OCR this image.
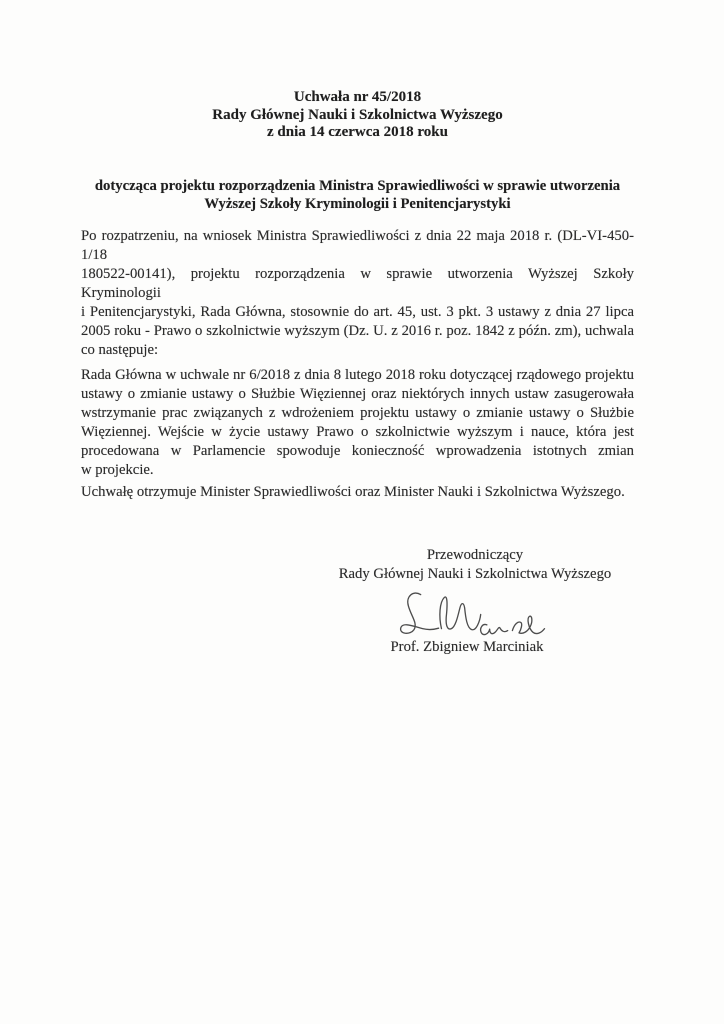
Uchwała nr 45/2018
Rady Głównej Nauki i Szkolnictwa Wyższego
z dnia 14 czerwca 2018 roku
dotycząca projektu rozporządzenia Ministra Sprawiedliwości w sprawie utworzenia
Wyższej Szkoły Kryminologii i Penitencjarystyki
Po rozpatrzeniu, na wniosek Ministra Sprawiedliwości z dnia 22 maja 2018 r. (DL-VI-450-1/18
180522-00141), projektu rozporządzenia w sprawie utworzenia Wyższej Szkoły Kryminologii
i Penitencjarystyki, Rada Główna, stosownie do art. 45, ust. 3 pkt. 3 ustawy z dnia 27 lipca
2005 roku - Prawo o szkolnictwie wyższym (Dz. U. z 2016 r. poz. 1842 z późn. zm), uchwala
co następuje:
Rada Główna w uchwale nr 6/2018 z dnia 8 lutego 2018 roku dotyczącej rządowego projektu
ustawy o zmianie ustawy o Służbie Więziennej oraz niektórych innych ustaw zasugerowała
wstrzymanie prac związanych z wdrożeniem projektu ustawy o zmianie ustawy o Służbie
Więziennej. Wejście w życie ustawy Prawo o szkolnictwie wyższym i nauce, która jest
procedowana w Parlamencie spowoduje konieczność wprowadzenia istotnych zmian
w projekcie.
Uchwałę otrzymuje Minister Sprawiedliwości oraz Minister Nauki i Szkolnictwa Wyższego.
Przewodniczący
Rady Głównej Nauki i Szkolnictwa Wyższego
Prof. Zbigniew Marciniak
